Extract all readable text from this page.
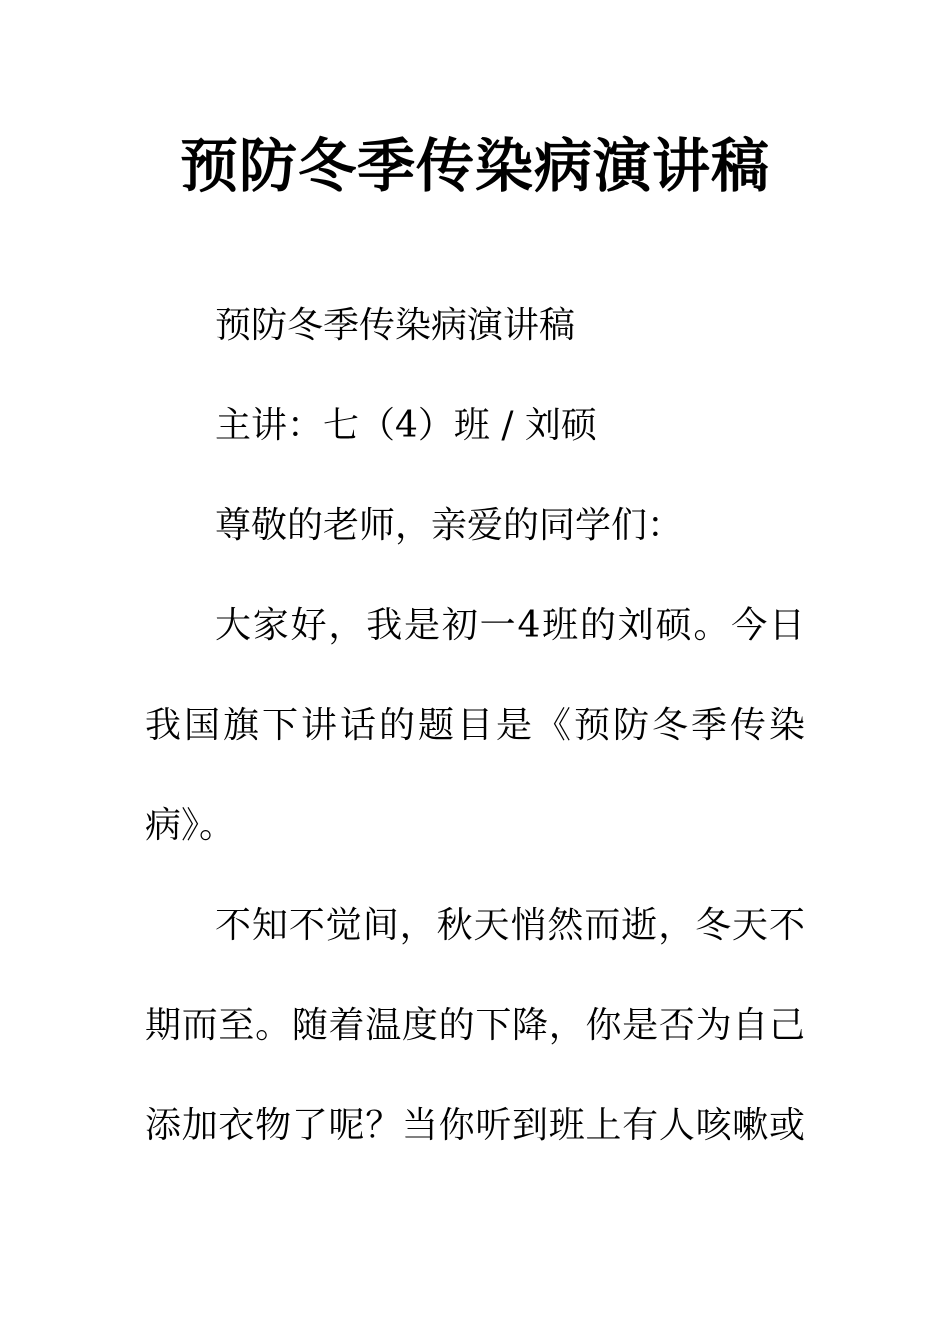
预防冬季传染病演讲稿
预防冬季传染病演讲稿
主讲：七（4）班 / 刘硕
尊敬的老师，亲爱的同学们：
大家好，我是初一4班的刘硕。今日
我国旗下讲话的题目是《预防冬季传染
病》。
不知不觉间，秋天悄然而逝，冬天不
期而至。随着温度的下降，你是否为自己
添加衣物了呢？当你听到班上有人咳嗽或
